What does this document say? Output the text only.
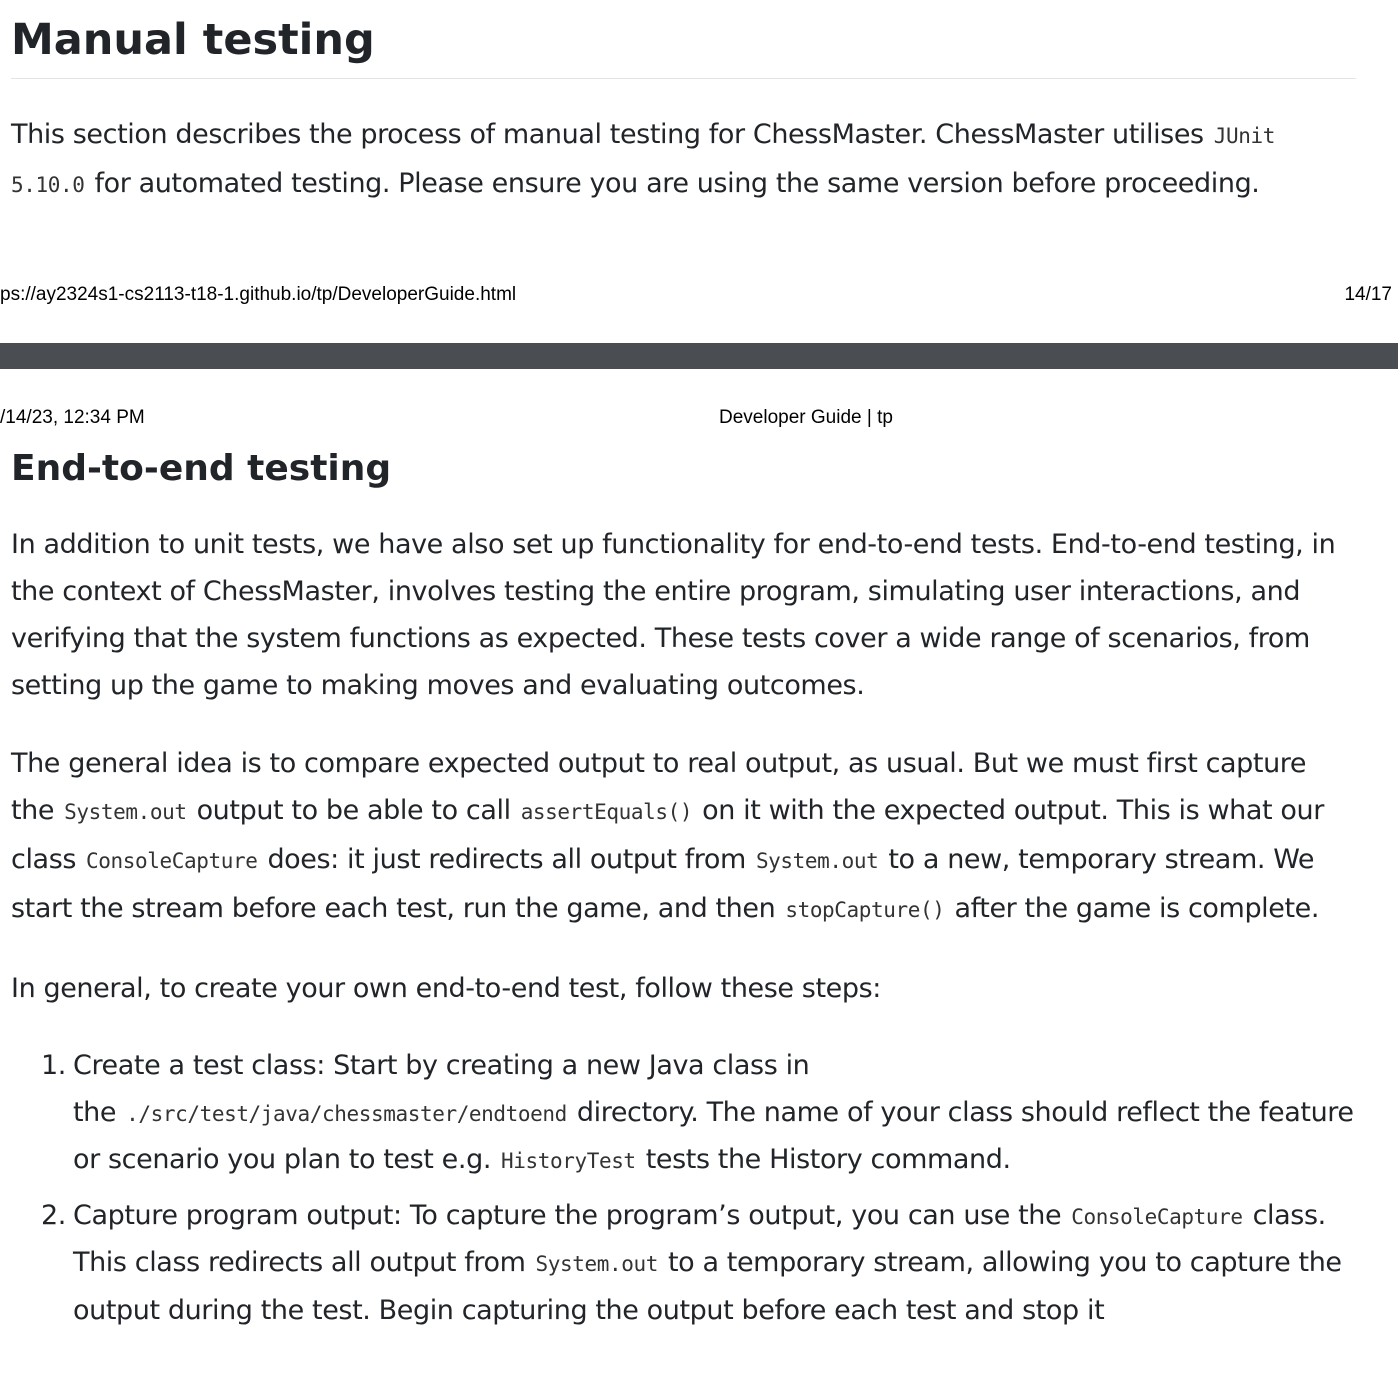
Manual testing

This section describes the process of manual testing for ChessMaster. ChessMaster utilises JUnit 5.10.0 for automated testing. Please ensure you are using the same version before proceeding.

ps://ay2324s1-cs2113-t18-1.github.io/tp/DeveloperGuide.html	14/17
/14/23, 12:34 PM	Developer Guide | tp
End-to-end testing

In addition to unit tests, we have also set up functionality for end-to-end tests. End-to-end testing, in the context of ChessMaster, involves testing the entire program, simulating user interactions, and verifying that the system functions as expected. These tests cover a wide range of scenarios, from setting up the game to making moves and evaluating outcomes.

The general idea is to compare expected output to real output, as usual. But we must first capture the System.out output to be able to call assertEquals() on it with the expected output. This is what our class ConsoleCapture does: it just redirects all output from System.out to a new, temporary stream. We start the stream before each test, run the game, and then stopCapture() after the game is complete.

In general, to create your own end-to-end test, follow these steps:

1. Create a test class: Start by creating a new Java class in the ./src/test/java/chessmaster/endtoend directory. The name of your class should reflect the feature or scenario you plan to test e.g. HistoryTest tests the History command.
2. Capture program output: To capture the program’s output, you can use the ConsoleCapture class. This class redirects all output from System.out to a temporary stream, allowing you to capture the output during the test. Begin capturing the output before each test and stop it
